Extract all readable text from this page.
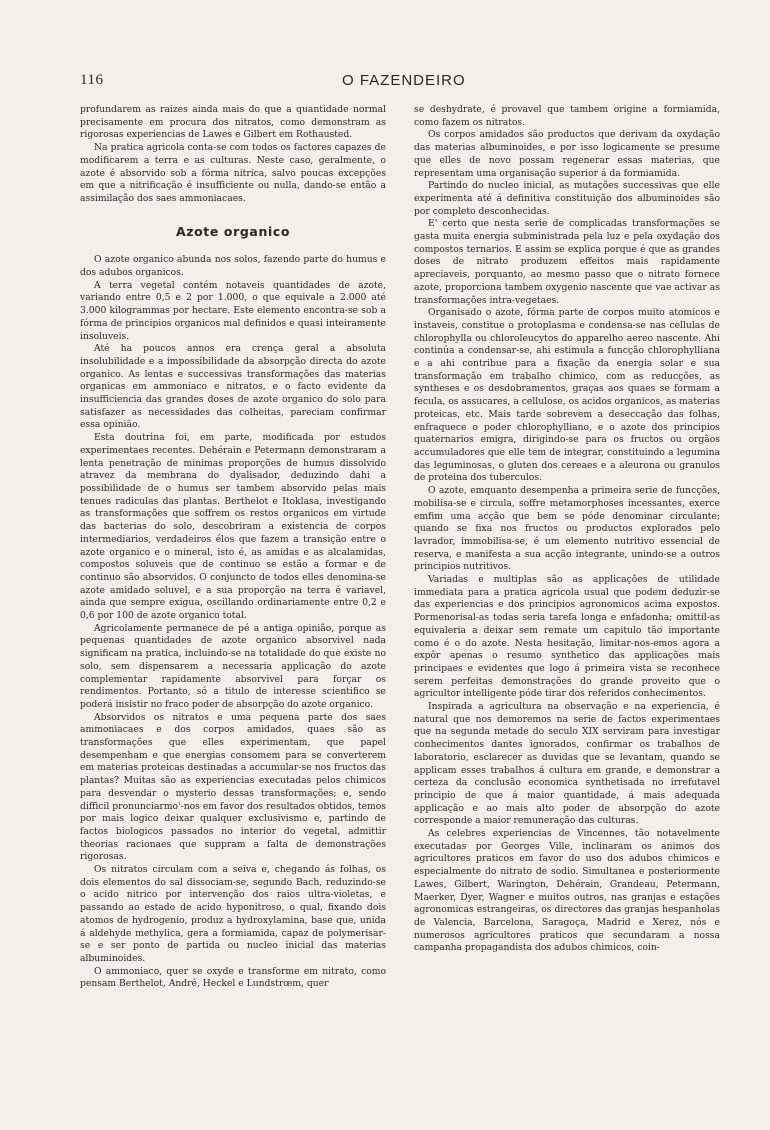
116	O FAZENDEIRO

profundarem as raizes ainda mais do que a quantidade normal precisamente em procura dos nitratos, como demonstram as rigorosas experiencias de Lawes e Gilbert em Rothausted.

Na pratica agricola conta-se com todos os factores capazes de modificarem a terra e as culturas. Neste caso, geralmente, o azote é absorvido sob a fórma nitrica, salvo poucas excepções em que a nitrificação é insufficiente ou nulla, dando-se então a assimilação dos saes ammoniacaes.

Azote organico

O azote organico abunda nos solos, fazendo parte do humus e dos adubos organicos.

A terra vegetal contém notaveis quantidades de azote, variando entre 0,5 e 2 por 1.000, o que equivale a 2.000 até 3.000 kilogrammas por hectare. Este elemento encontra-se sob a fórma de principios organicos mal definidos e quasi inteiramente insoluveis.

Até ha poucos annos era crença geral a absoluta insolubilidade e a impossibilidade da absorpção directa do azote organico. As lentas e successivas transformações das materias organicas em ammoniaco e nitratos, e o facto evidente da insufficiencia das grandes doses de azote organico do solo para satisfazer as necessidades das colheitas, pareciam confirmar essa opinião.

Esta doutrina foi, em parte, modificada por estudos experimentaes recentes. Dehérain e Petermann demonstraram a lenta penetração de minimas proporções de humus dissolvido atravez da membrana do dyalisador, deduzindo dahi a possibilidade de o humus ser tambem absorvido pelas mais tenues radiculas das plantas. Berthelot e Itoklasa, investigando as transformações que soffrem os restos organicos em virtude das bacterias do solo, descobriram a existencia de corpos intermediarios, verdadeiros élos que fazem a transição entre o azote organico e o mineral, isto é, as amidas e as alcalamidas, compostos soluveis que de continuo se estão a formar e de continuo são absorvidos. O conjuncto de todos elles denomina-se azote amidado soluvel, e a sua proporção na terra é variavel, ainda que sempre exigua, oscillando ordinariamente entre 0,2 e 0,6 por 100 de azote organico total.

Agricolamente permanece de pé a antiga opinião, porque as pequenas quantidades de azote organico absorvivel nada significam na pratica, incluindo-se na totalidade do que existe no solo, sem dispensarem a necessaria applicação do azote complementar rapidamente absorvivel para forçar os rendimentos. Portanto, só a titulo de interesse scientifico se poderá insistir no fraco poder de absorpção do azote organico.

Absorvidos os nitratos e uma pequena parte dos saes ammoniacaes e dos corpos amidados, quaes são as transformações que elles experimentam, que papel desempenham e que energias consomem para se converterem em materias proteicas destinadas a accumular-se nos fructos das plantas? Muitas são as experiencias executadas pelos chimicos para desvendar o mysterio dessas transformações; e, sendo difficil pronunciarmo'-nos em favor dos resultados obtidos, temos por mais logico deixar qualquer exclusivismo e, partindo de factos biologicos passados no interior do vegetal, admittir theorias racionaes que suppram a falta de demonstrações rigorosas.

Os nitratos circulam com a seiva e, chegando ás folhas, os dois elementos do sal dissociam-se, segundo Bach, reduzindo-se o acido nitrico por intervenção dos raios ultra-violetas, e passando ao estado de acido hyponitroso, o qual, fixando dois atomos de hydrogenio, produz a hydroxylamina, base que, unida á aldehyde methylica, gera a formiamida, capaz de polymerisar-se e ser ponto de partida ou nucleo inicial das materias albuminoides.

O ammoniaco, quer se oxyde e transforme em nitrato, como pensam Berthelot, André, Heckel e Lundstrœm, quer

se deshydrate, é provavel que tambem origine a formiamida, como fazem os nitratos.

Os corpos amidados são productos que derivam da oxydação das materias albuminoides, e por isso logicamente se presume que elles de novo possam regenerar essas materias, que representam uma organisação superior á da formiamida.

Partindo do nucleo inicial, as mutações successivas que elle experimenta até á definitiva constituição dos albuminoides são por completo desconhecidas.

E' certo que nesta serie de complicadas transformações se gasta muita energia subministrada pela luz e pela oxydação dos compostos ternarios. E assim se explica porque é que as grandes doses de nitrato produzem effeitos mais rapidamente apreciaveis, porquanto, ao mesmo passo que o nitrato fornece azote, proporciona tambem oxygenio nascente que vae activar as transformações intra-vegetaes.

Organisado o azote, fórma parte de corpos muito atomicos e instaveis, constitue o protoplasma e condensa-se nas cellulas de chlorophylla ou chloroleucytos do apparelho aereo nascente. Ahi continúa a condensar-se, ahi estimula a funcção chlorophylliana e a ahi contribue para a fixação da energia solar e sua transformação em trabalho chimico, com as reducções, as syntheses e os desdobramentos, graças aos quaes se formam a fecula, os assucares, a cellulose, os acidos organicos, as materias proteicas, etc. Mais tarde sobrevem a deseccação das folhas, enfraquece o poder chlorophylliano, e o azote dos principios quaternarios emigra, dirigindo-se para os fructos ou orgãos accumuladores que elle tem de integrar, constituindo a legumina das leguminosas, o gluten dos cereaes e a aleurona ou granulos de proteina dos tuberculos.

O azote, emquanto desempenha a primeira serie de funcções, mobilisa-se e circula, soffre metamorphoses incessantes, exerce emfim uma acção que bem se póde denominar circulante; quando se fixa nos fructos ou productos explorados pelo lavrador, immobilisa-se, é um elemento nutritivo essencial de reserva, e manifesta a sua acção integrante, unindo-se a outros principios nutritivos.

Variadas e multiplas são as applicações de utilidade immediata para a pratica agricola usual que podem deduzir-se das experiencias e dos principios agronomicos acima expostos. Pormenorisal-as todas seria tarefa longa e enfadonha; omittil-as equivaleria a deixar sem remate um capitulo tão importante como é o do azote. Nesta hesitação, limitar-nos-emos agora a expôr apenas o resumo synthetico das applicações mais principaes e evidentes que logo á primeira vista se reconhece serem perfeitas demonstrações do grande proveito que o agricultor intelligente póde tirar dos referidos conhecimentos.

Inspirada a agricultura na observação e na experiencia, é natural que nos demoremos na serie de factos experimentaes que na segunda metade do seculo XIX serviram para investigar conhecimentos dantes ignorados, confirmar os trabalhos de laboratorio, esclarecer as duvidas que se levantam, quando se applicam esses trabalhos á cultura em grande, e demonstrar a certeza da conclusão economica synthetisada no irrefutavel principio de que á maior quantidade, á mais adequada applicação e ao mais alto poder de absorpção do azote corresponde a maior remuneração das culturas.

As celebres experiencias de Vincennes, tão notavelmente executadas por Georges Ville, inclinaram os animos dos agricultores praticos em favor do uso dos adubos chimicos e especialmente do nitrato de sodio. Simultanea e posteriormente Lawes, Gilbert, Warington, Dehérain, Grandeau, Petermann, Maerker, Dyer, Wagner e muitos outros, nas granjas e estações agronomicas estrangeiras, os directores das granjas hespanholas de Valencia, Barcelona, Saragoça, Madrid e Xerez, nós e numerosos agricultores praticos que secundaram a nossa campanha propagandista dos adubos chimicos, coin-
